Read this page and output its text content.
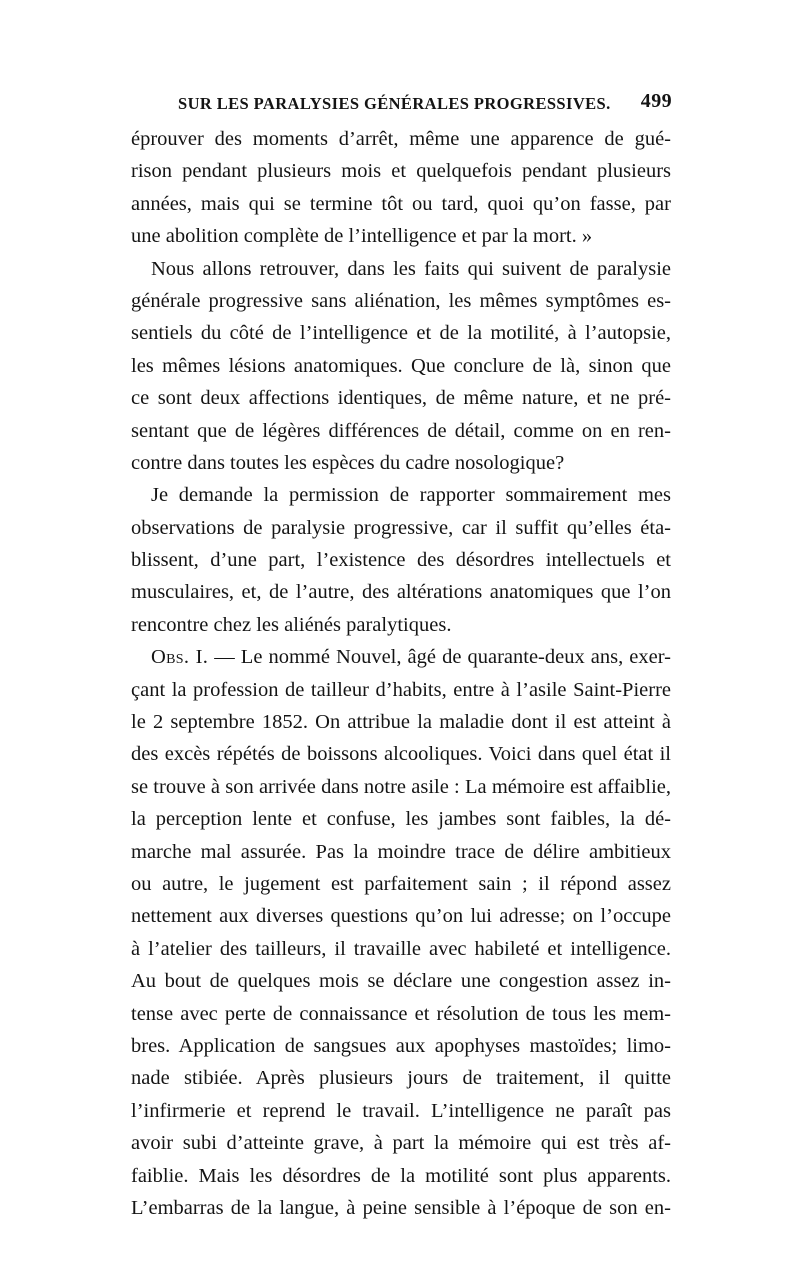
SUR LES PARALYSIES GÉNÉRALES PROGRESSIVES. 499
éprouver des moments d’arrêt, même une apparence de gué-
rison pendant plusieurs mois et quelquefois pendant plusieurs
années, mais qui se termine tôt ou tard, quoi qu’on fasse, par
une abolition complète de l’intelligence et par la mort. »
Nous allons retrouver, dans les faits qui suivent de paralysie
générale progressive sans aliénation, les mêmes symptômes es-
sentiels du côté de l’intelligence et de la motilité, à l’autopsie,
les mêmes lésions anatomiques. Que conclure de là, sinon que
ce sont deux affections identiques, de même nature, et ne pré-
sentant que de légères différences de détail, comme on en ren-
contre dans toutes les espèces du cadre nosologique?
Je demande la permission de rapporter sommairement mes
observations de paralysie progressive, car il suffit qu’elles éta-
blissent, d’une part, l’existence des désordres intellectuels et
musculaires, et, de l’autre, des altérations anatomiques que l’on
rencontre chez les aliénés paralytiques.
Obs. I. — Le nommé Nouvel, âgé de quarante-deux ans, exer-
çant la profession de tailleur d’habits, entre à l’asile Saint-Pierre
le 2 septembre 1852. On attribue la maladie dont il est atteint à
des excès répétés de boissons alcooliques. Voici dans quel état il
se trouve à son arrivée dans notre asile : La mémoire est affaiblie,
la perception lente et confuse, les jambes sont faibles, la dé-
marche mal assurée. Pas la moindre trace de délire ambitieux
ou autre, le jugement est parfaitement sain ; il répond assez
nettement aux diverses questions qu’on lui adresse; on l’occupe
à l’atelier des tailleurs, il travaille avec habileté et intelligence.
Au bout de quelques mois se déclare une congestion assez in-
tense avec perte de connaissance et résolution de tous les mem-
bres. Application de sangsues aux apophyses mastoïdes; limo-
nade stibiée. Après plusieurs jours de traitement, il quitte
l’infirmerie et reprend le travail. L’intelligence ne paraît pas
avoir subi d’atteinte grave, à part la mémoire qui est très af-
faiblie. Mais les désordres de la motilité sont plus apparents.
L’embarras de la langue, à peine sensible à l’époque de son en-
